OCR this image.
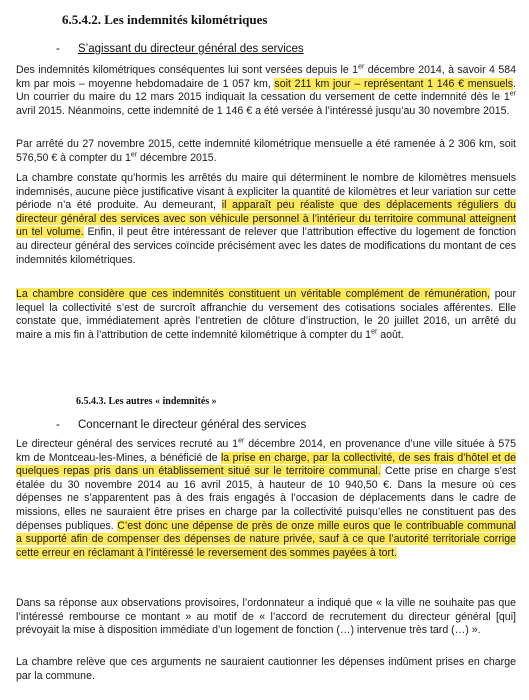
6.5.4.2. Les indemnités kilométriques
- S’agissant du directeur général des services

Des indemnités kilométriques conséquentes lui sont versées depuis le 1er décembre 2014, à savoir 4 584 km par mois – moyenne hebdomadaire de 1 057 km, soit 211 km jour – représentant 1 146 € mensuels. Un courrier du maire du 12 mars 2015 indiquait la cessation du versement de cette indemnité dès le 1er avril 2015. Néanmoins, cette indemnité de 1 146 € a été versée à l’intéressé jusqu’au 30 novembre 2015.

Par arrêté du 27 novembre 2015, cette indemnité kilométrique mensuelle a été ramenée à 2 306 km, soit 576,50 € à compter du 1er décembre 2015.

La chambre constate qu’hormis les arrêtés du maire qui déterminent le nombre de kilomètres mensuels indemnisés, aucune pièce justificative visant à expliciter la quantité de kilomètres et leur variation sur cette période n’a été produite. Au demeurant, il apparaît peu réaliste que des déplacements réguliers du directeur général des services avec son véhicule personnel à l’intérieur du territoire communal atteignent un tel volume. Enfin, il peut être intéressant de relever que l’attribution effective du logement de fonction au directeur général des services coïncide précisément avec les dates de modifications du montant de ces indemnités kilométriques.

La chambre considère que ces indemnités constituent un véritable complément de rémunération, pour lequel la collectivité s’est de surcroît affranchie du versement des cotisations sociales afférentes. Elle constate que, immédiatement après l’entretien de clôture d’instruction, le 20 juillet 2016, un arrêté du maire a mis fin à l’attribution de cette indemnité kilométrique à compter du 1er août.

6.5.4.3. Les autres « indemnités »
- Concernant le directeur général des services

Le directeur général des services recruté au 1er décembre 2014, en provenance d’une ville située à 575 km de Montceau-les-Mines, a bénéficié de la prise en charge, par la collectivité, de ses frais d’hôtel et de quelques repas pris dans un établissement situé sur le territoire communal. Cette prise en charge s’est étalée du 30 novembre 2014 au 16 avril 2015, à hauteur de 10 940,50 €. Dans la mesure où ces dépenses ne s’apparentent pas à des frais engagés à l’occasion de déplacements dans le cadre de missions, elles ne sauraient être prises en charge par la collectivité puisqu’elles ne constituent pas des dépenses publiques. C’est donc une dépense de près de onze mille euros que le contribuable communal a supporté afin de compenser des dépenses de nature privée, sauf à ce que l’autorité territoriale corrige cette erreur en réclamant à l’intéressé le reversement des sommes payées à tort.

Dans sa réponse aux observations provisoires, l’ordonnateur a indiqué que « la ville ne souhaite pas que l’intéressé rembourse ce montant » au motif de « l’accord de recrutement du directeur général [qui] prévoyait la mise à disposition immédiate d’un logement de fonction (…) intervenue très tard (…) ».

La chambre relève que ces arguments ne sauraient cautionner les dépenses indûment prises en charge par la commune.
